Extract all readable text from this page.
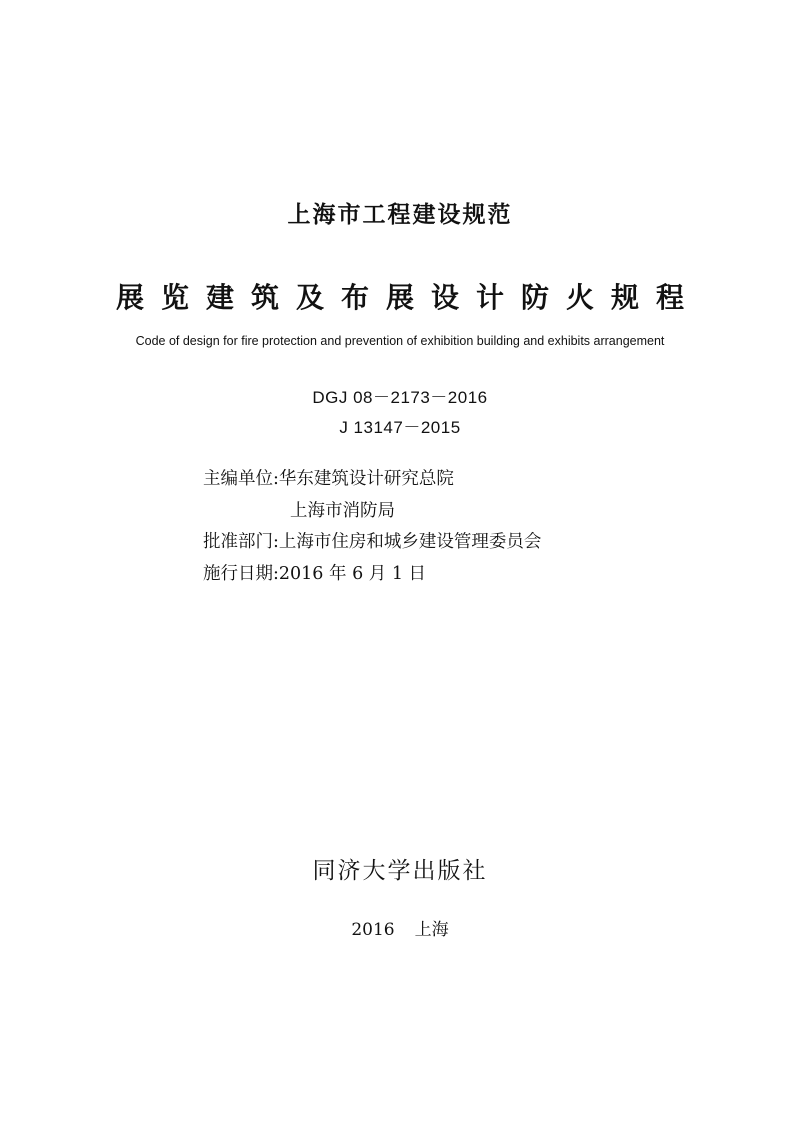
上海市工程建设规范
展览建筑及布展设计防火规程
Code of design for fire protection and prevention of exhibition building and exhibits arrangement
DGJ 08－2173－2016
J 13147－2015
主编单位:华东建筑设计研究总院
上海市消防局
批准部门:上海市住房和城乡建设管理委员会
施行日期:2016 年 6 月 1 日
同济大学出版社
2016 上海
